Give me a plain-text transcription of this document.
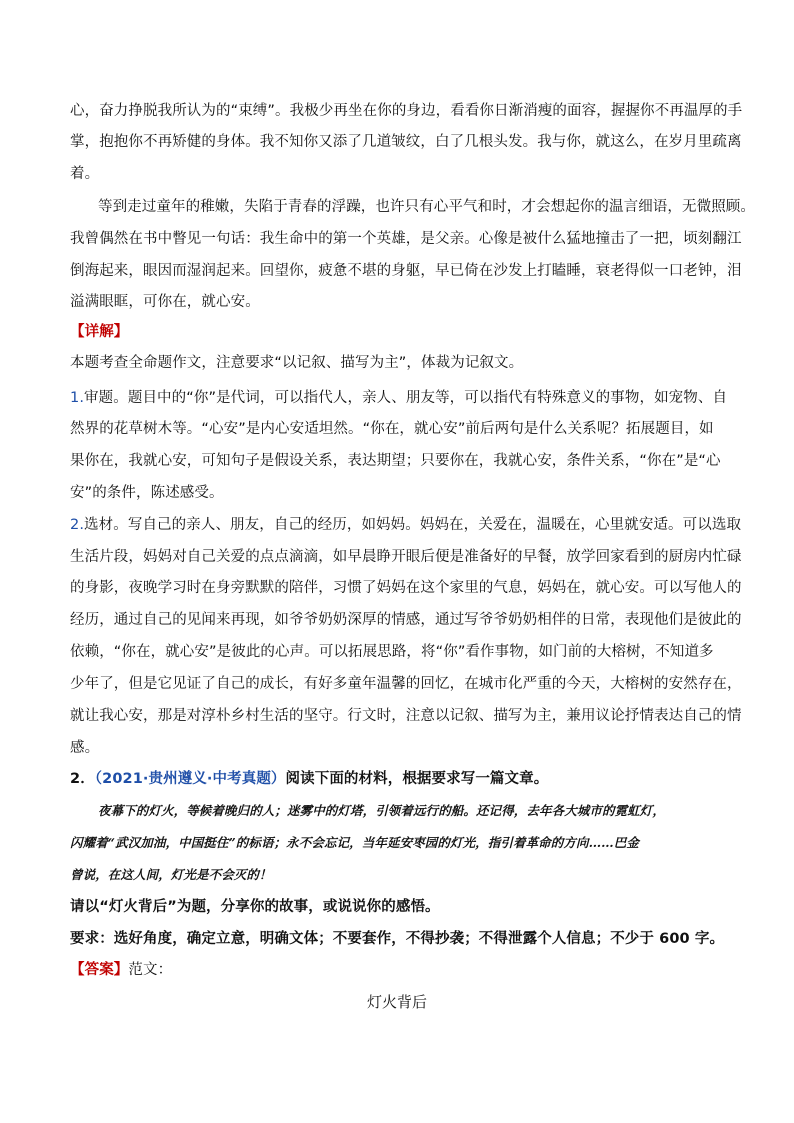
心，奋力挣脱我所认为的“束缚”。我极少再坐在你的身边，看看你日渐消瘦的面容，握握你不再温厚的手
掌，抱抱你不再矫健的身体。我不知你又添了几道皱纹，白了几根头发。我与你，就这么，在岁月里疏离
着。
等到走过童年的稚嫩，失陷于青春的浮躁，也许只有心平气和时，才会想起你的温言细语，无微照顾。
我曾偶然在书中瞥见一句话：我生命中的第一个英雄，是父亲。心像是被什么猛地撞击了一把，顷刻翻江
倒海起来，眼因而湿润起来。回望你，疲惫不堪的身躯，早已倚在沙发上打瞌睡，衰老得似一口老钟，泪
溢满眼眶，可你在，就心安。
【详解】
本题考查全命题作文，注意要求“以记叙、描写为主”，体裁为记叙文。
1.审题。题目中的“你”是代词，可以指代人，亲人、朋友等，可以指代有特殊意义的事物，如宠物、自
然界的花草树木等。“心安”是内心安适坦然。“你在，就心安”前后两句是什么关系呢？拓展题目，如
果你在，我就心安，可知句子是假设关系，表达期望；只要你在，我就心安，条件关系，“你在”是“心
安”的条件，陈述感受。
2.选材。写自己的亲人、朋友，自己的经历，如妈妈。妈妈在，关爱在，温暖在，心里就安适。可以选取
生活片段，妈妈对自己关爱的点点滴滴，如早晨睁开眼后便是准备好的早餐，放学回家看到的厨房内忙碌
的身影，夜晚学习时在身旁默默的陪伴，习惯了妈妈在这个家里的气息，妈妈在，就心安。可以写他人的
经历，通过自己的见闻来再现，如爷爷奶奶深厚的情感，通过写爷爷奶奶相伴的日常，表现他们是彼此的
依赖，“你在，就心安”是彼此的心声。可以拓展思路，将“你”看作事物，如门前的大榕树，不知道多
少年了，但是它见证了自己的成长，有好多童年温馨的回忆，在城市化严重的今天，大榕树的安然存在，
就让我心安，那是对淳朴乡村生活的坚守。行文时，注意以记叙、描写为主，兼用议论抒情表达自己的情
感。
2．（2021·贵州遵义·中考真题）阅读下面的材料，根据要求写一篇文章。
夜幕下的灯火，等候着晚归的人；迷雾中的灯塔，引领着远行的船。还记得，去年各大城市的霓虹灯，
闪耀着“武汉加油，中国挺住”的标语；永不会忘记，当年延安枣园的灯光，指引着革命的方向……巴金
曾说，在这人间，灯光是不会灭的！
请以“灯火背后”为题，分享你的故事，或说说你的感悟。
要求：选好角度，确定立意，明确文体；不要套作，不得抄袭；不得泄露个人信息；不少于 600 字。
【答案】范文：
灯火背后
